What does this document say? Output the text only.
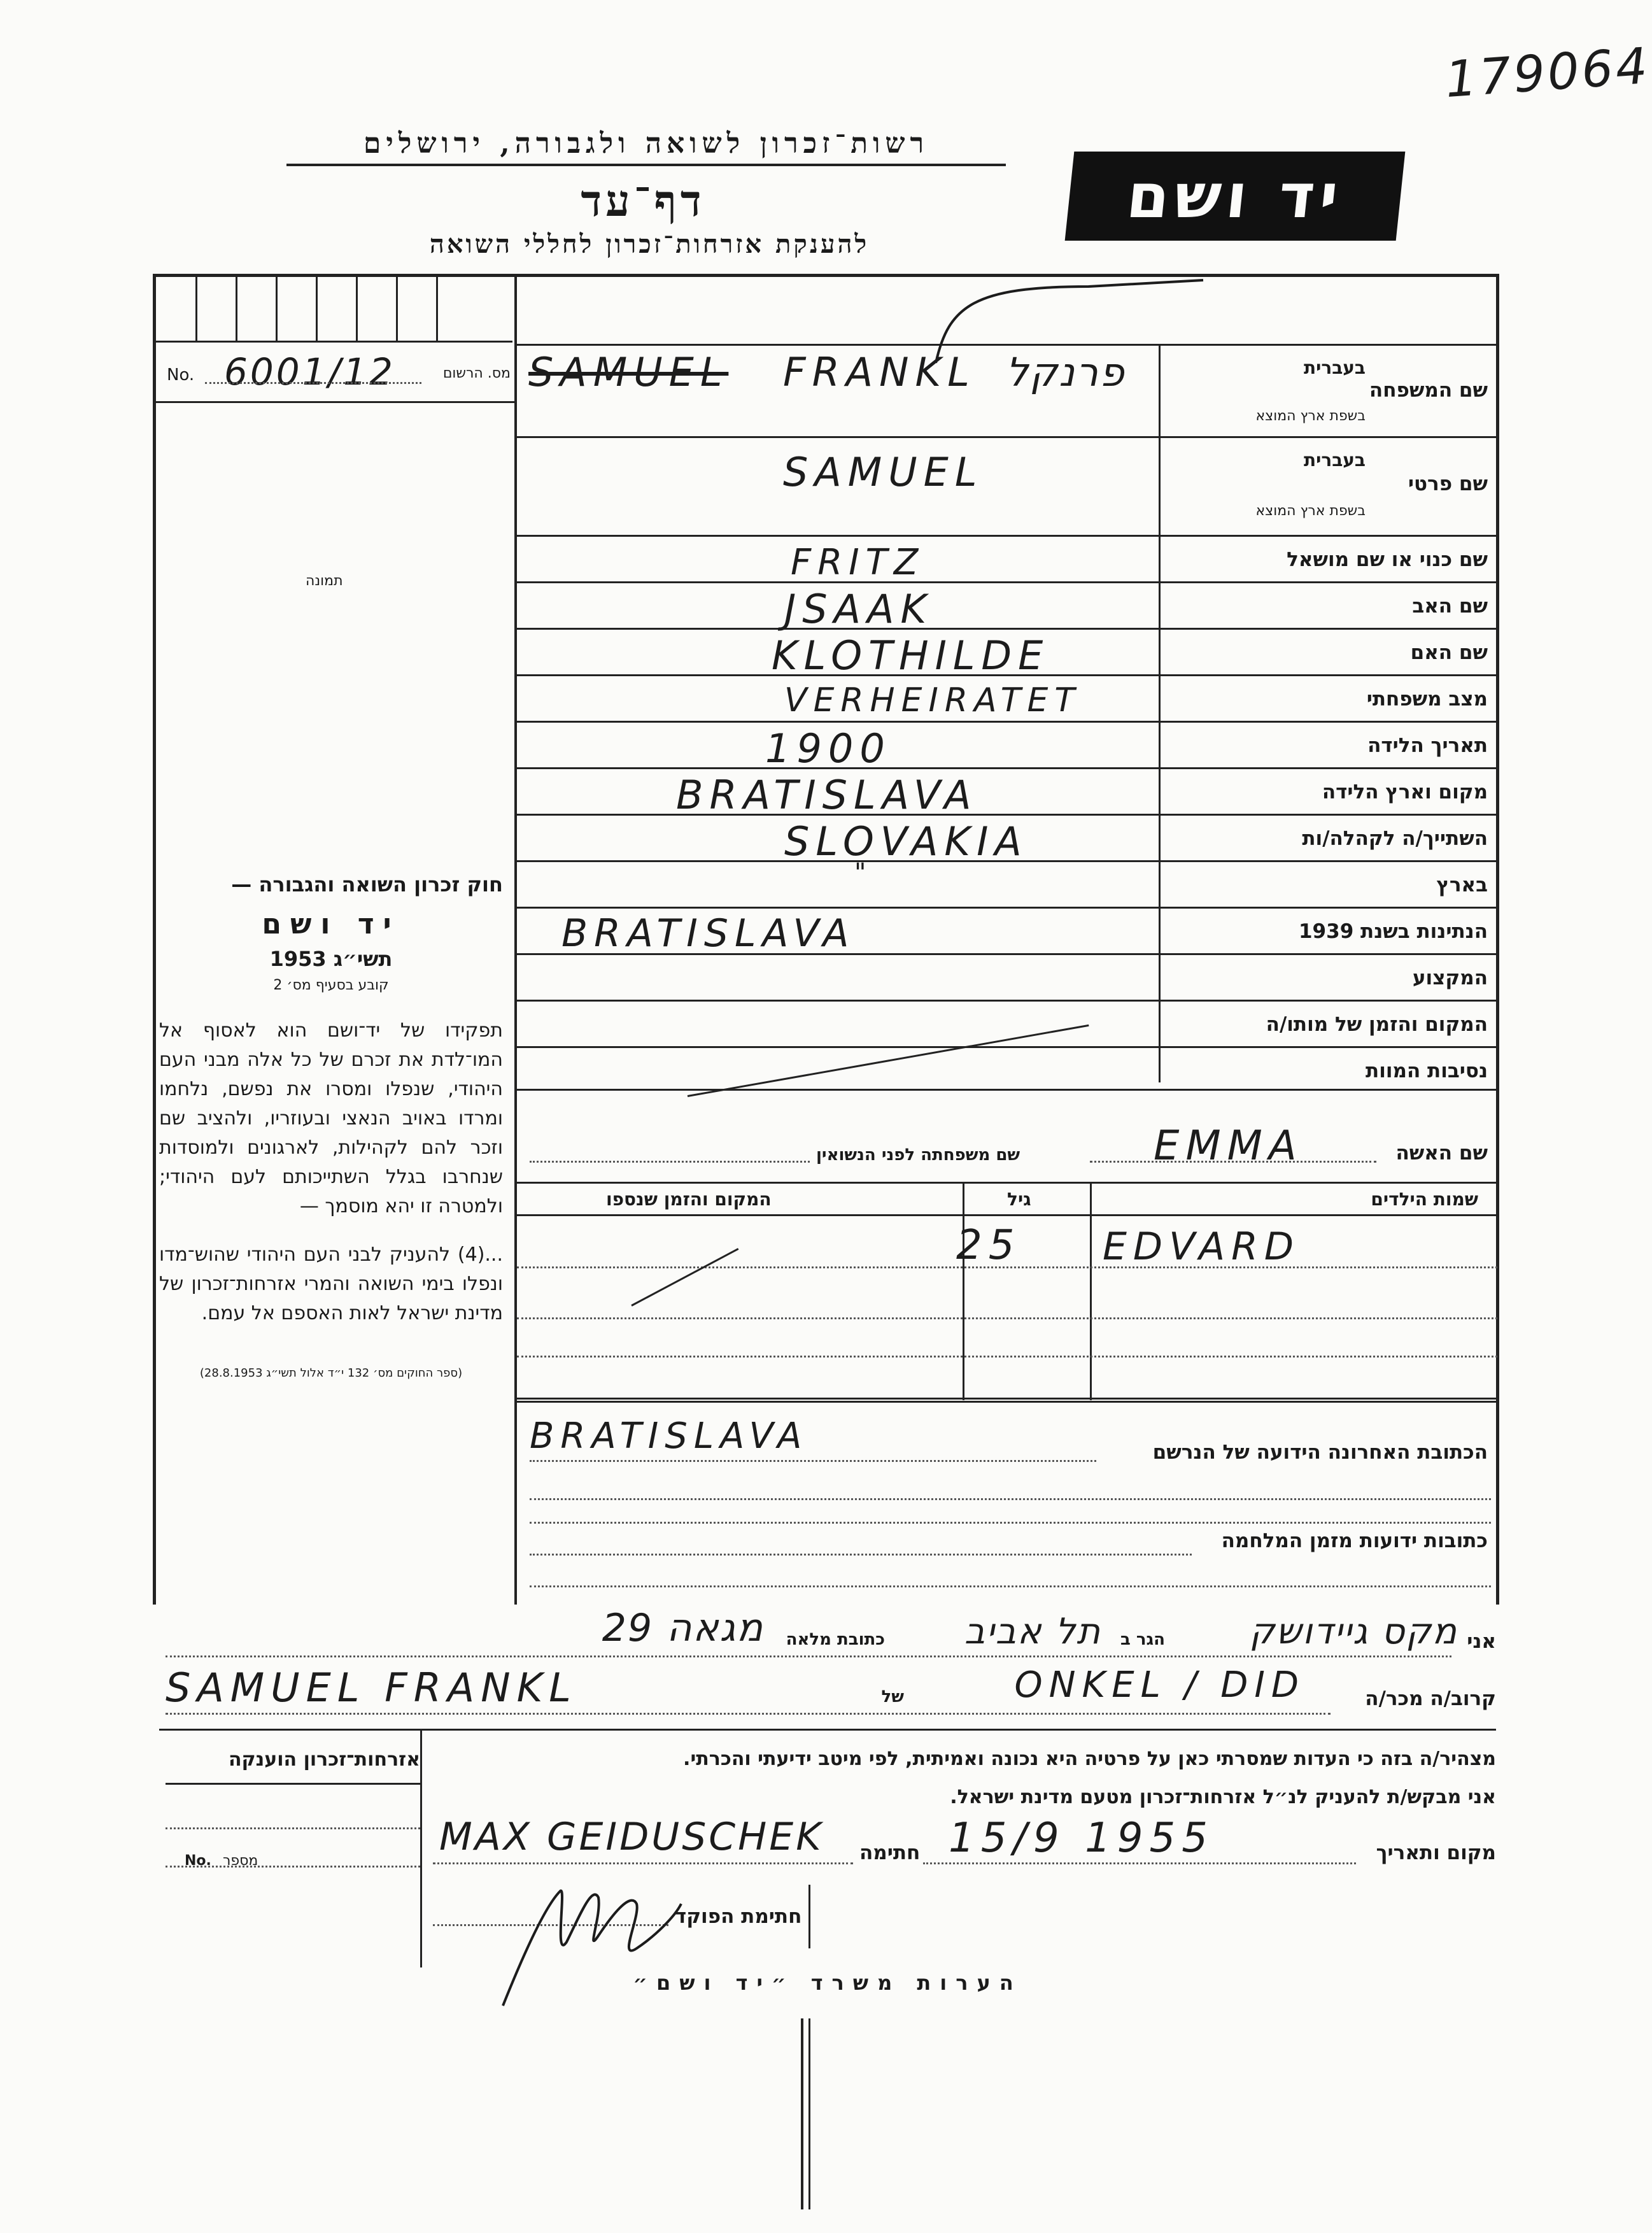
179064
רשות־זכרון לשואה ולגבורה, ירושלים
דף־עד
להענקת אזרחות־זכרון לחללי השואה
יד ושם
No. 6001/12	מס. הרשום
תמונה
שם המשפחה
בעברית
בשפת ארץ המוצא
SAMUEL FRANKL פרנקל
שם פרטי
בעברית
בשפת ארץ המוצא
SAMUEL
שם כנוי או שם מושאל
FRITZ
שם האב
JSAAK
שם האם
KLOTHILDE
מצב משפחתי
VERHEIRATET
תאריך הלידה
1900
מקום וארץ הלידה
BRATISLAVA
השתייך/ה לקהלה/ות
SLOVAKIA
בארץ
"
הנתינות בשנת 1939
BRATISLAVA
המקצוע
המקום והזמן של מותו/ה
נסיבות המוות
שם האשה
EMMA
שם משפחתה לפני הנשואין
שמות הילדים
גיל
המקום והזמן שנספו
EDVARD
25
BRATISLAVA	הכתובת האחרונה הידועה של הנרשם
כתובות ידועות מזמן המלחמה
חוק זכרון השואה והגבורה —
יד ושם
תשי״ג 1953
קובע בסעיף מס׳ 2
תפקידו של יד־ושם הוא לאסוף אל המו־לדת את זכרם של כל אלה מבני העם היהודי, שנפלו ומסרו את נפשם, נלחמו ומרדו באויב הנאצי ובעוזריו, ולהציב שם וזכר להם לקהילות, לארגונים ולמוסדות שנחרבו בגלל השתייכותם לעם היהודי; ולמטרה זו יהא מוסמך —
...(4) להעניק לבני העם היהודי שהוש־מדו ונפלו בימי השואה והמרי אזרחות־זכרון של מדינת ישראל לאות האספם אל עמם.
(ספר החוקים מס׳ 132 י״ד אלול תשי״ג 28.8.1953)
אני
מקס גיידושק
הגר ב
תל אביב
כתובת מלאה
מגאה 29
קרוב/ה מכר/ה
ONKEL / DID
של
SAMUEL FRANKL
אזרחות־זכרון הוענקה
No. מספר
מצהיר/ה בזה כי העדות שמסרתי כאן על פרטיה היא נכונה ואמיתית, לפי מיטב ידיעתי והכרתי.
אני מבקש/ת להעניק לנ״ל אזרחות־זכרון מטעם מדינת ישראל.
מקום ותאריך
15/9 1955
חתימה
MAX GEIDUSCHEK
חתימת הפוקד
הערות משרד ״יד ושם״
